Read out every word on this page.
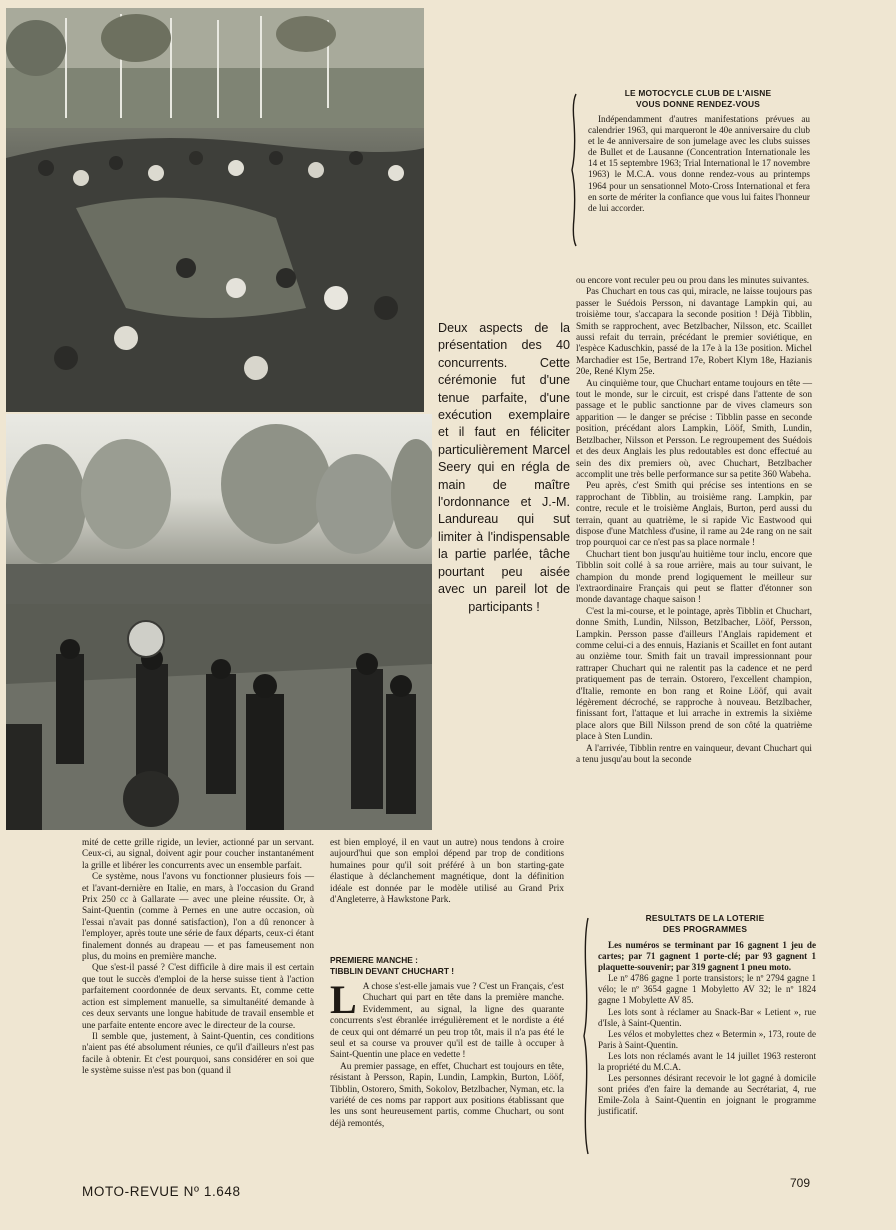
Deux aspects de la présentation des 40 concurrents. Cette cérémonie fut d'une tenue parfaite, d'une exécution exemplaire et il faut en féliciter particulièrement Marcel Seery qui en régla de main de maître l'ordonnance et J.-M. Landureau qui sut limiter à l'indispensable la partie parlée, tâche pourtant peu aisée avec un pareil lot de participants !
LE MOTOCYCLE CLUB DE L'AISNE
VOUS DONNE RENDEZ-VOUS

Indépendamment d'autres manifestations prévues au calendrier 1963, qui marqueront le 40e anniversaire du club et le 4e anniversaire de son jumelage avec les clubs suisses de Bullet et de Lausanne (Concentration Internationale les 14 et 15 septembre 1963; Trial International le 17 novembre 1963) le M.C.A. vous donne rendez-vous au printemps 1964 pour un sensationnel Moto-Cross International et fera en sorte de mériter la confiance que vous lui faites l'honneur de lui accorder.

ou encore vont reculer peu ou prou dans les minutes suivantes.

Pas Chuchart en tous cas qui, miracle, ne laisse toujours pas passer le Suédois Persson, ni davantage Lampkin qui, au troisième tour, s'accapara la seconde position ! Déjà Tibblin, Smith se rapprochent, avec Betzlbacher, Nilsson, etc. Scaillet aussi refait du terrain, précédant le premier soviétique, en l'espèce Kaduschkin, passé de la 17e à la 13e position. Michel Marchadier est 15e, Bertrand 17e, Robert Klym 18e, Hazianis 20e, René Klym 25e.

Au cinquième tour, que Chuchart entame toujours en tête — tout le monde, sur le circuit, est crispé dans l'attente de son passage et le public sanctionne par de vives clameurs son apparition — le danger se précise : Tibblin passe en seconde position, précédant alors Lampkin, Lööf, Smith, Lundin, Betzlbacher, Nilsson et Persson. Le regroupement des Suédois et des deux Anglais les plus redoutables est donc effectué au sein des dix premiers où, avec Chuchart, Betzlbacher accomplit une très belle performance sur sa petite 360 Wabeha.

Peu après, c'est Smith qui précise ses intentions en se rapprochant de Tibblin, au troisième rang. Lampkin, par contre, recule et le troisième Anglais, Burton, perd aussi du terrain, quant au quatrième, le si rapide Vic Eastwood qui dispose d'une Matchless d'usine, il rame au 24e rang on ne sait trop pourquoi car ce n'est pas sa place normale !

Chuchart tient bon jusqu'au huitième tour inclu, encore que Tibblin soit collé à sa roue arrière, mais au tour suivant, le champion du monde prend logiquement le meilleur sur l'extraordinaire Français qui peut se flatter d'étonner son monde davantage chaque saison !

C'est la mi-course, et le pointage, après Tibblin et Chuchart, donne Smith, Lundin, Nilsson, Betzlbacher, Lööf, Persson, Lampkin. Persson passe d'ailleurs l'Anglais rapidement et comme celui-ci a des ennuis, Hazianis et Scaillet en font autant au onzième tour. Smith fait un travail impressionnant pour rattraper Chuchart qui ne ralentit pas la cadence et ne perd pratiquement pas de terrain. Ostorero, l'excellent champion, d'Italie, remonte en bon rang et Roine Lööf, qui avait légèrement décroché, se rapproche à nouveau. Betzlbacher, finissant fort, l'attaque et lui arrache in extremis la sixième place alors que Bill Nilsson prend de son côté la quatrième place à Sten Lundin.

A l'arrivée, Tibblin rentre en vainqueur, devant Chuchart qui a tenu jusqu'au bout la seconde

mité de cette grille rigide, un levier, actionné par un servant. Ceux-ci, au signal, doivent agir pour coucher instantanément la grille et libérer les concurrents avec un ensemble parfait.

Ce système, nous l'avons vu fonctionner plusieurs fois — et l'avant-dernière en Italie, en mars, à l'occasion du Grand Prix 250 cc à Gallarate — avec une pleine réussite. Or, à Saint-Quentin (comme à Pernes en une autre occasion, où l'essai n'avait pas donné satisfaction), l'on a dû renoncer à l'employer, après toute une série de faux départs, ceux-ci étant finalement donnés au drapeau — et pas fameusement non plus, du moins en première manche.

Que s'est-il passé ? C'est difficile à dire mais il est certain que tout le succès d'emploi de la herse suisse tient à l'action parfaitement coordonnée de deux servants. Et, comme cette action est simplement manuelle, sa simultanéité demande à ces deux servants une longue habitude de travail ensemble et une parfaite entente encore avec le directeur de la course.

Il semble que, justement, à Saint-Quentin, ces conditions n'aient pas été absolument réunies, ce qu'il d'ailleurs n'est pas facile à obtenir. Et c'est pourquoi, sans considérer en soi que le système suisse n'est pas bon (quand il

est bien employé, il en vaut un autre) nous tendons à croire aujourd'hui que son emploi dépend par trop de conditions humaines pour qu'il soit préféré à un bon starting-gate élastique à déclanchement magnétique, dont la définition idéale est donnée par le modèle utilisé au Grand Prix d'Angleterre, à Hawkstone Park.

PREMIERE MANCHE :
TIBBLIN DEVANT CHUCHART !

L A chose s'est-elle jamais vue ? C'est un Français, c'est Chuchart qui part en tête dans la première manche. Evidemment, au signal, la ligne des quarante concurrents s'est ébranlée irrégulièrement et le nordiste a été de ceux qui ont démarré un peu trop tôt, mais il n'a pas été le seul et sa course va prouver qu'il est de taille à occuper à Saint-Quentin une place en vedette !

Au premier passage, en effet, Chuchart est toujours en tête, résistant à Persson, Rapin, Lundin, Lampkin, Burton, Lööf, Tibblin, Ostorero, Smith, Sokolov, Betzlbacher, Nyman, etc. la variété de ces noms par rapport aux positions établissant que les uns sont heureusement partis, comme Chuchart, ou sont déjà remontés,

RESULTATS DE LA LOTERIE
DES PROGRAMMES

Les numéros se terminant par 16 gagnent 1 jeu de cartes; par 71 gagnent 1 porte-clé; par 93 gagnent 1 plaquette-souvenir; par 319 gagnent 1 pneu moto.

Le nº 4786 gagne 1 porte transistors; le nº 2794 gagne 1 vélo; le nº 3654 gagne 1 Mobyletto AV 32; le nº 1824 gagne 1 Mobylette AV 85.

Les lots sont à réclamer au Snack-Bar « Letient », rue d'Isle, à Saint-Quentin.

Les vélos et mobylettes chez « Betermin », 173, route de Paris à Saint-Quentin.

Les lots non réclamés avant le 14 juillet 1963 resteront la propriété du M.C.A.

Les personnes désirant recevoir le lot gagné à domicile sont priées d'en faire la demande au Secrétariat, 4, rue Emile-Zola à Saint-Quentin en joignant le programme justificatif.

MOTO-REVUE Nº 1.648
709
